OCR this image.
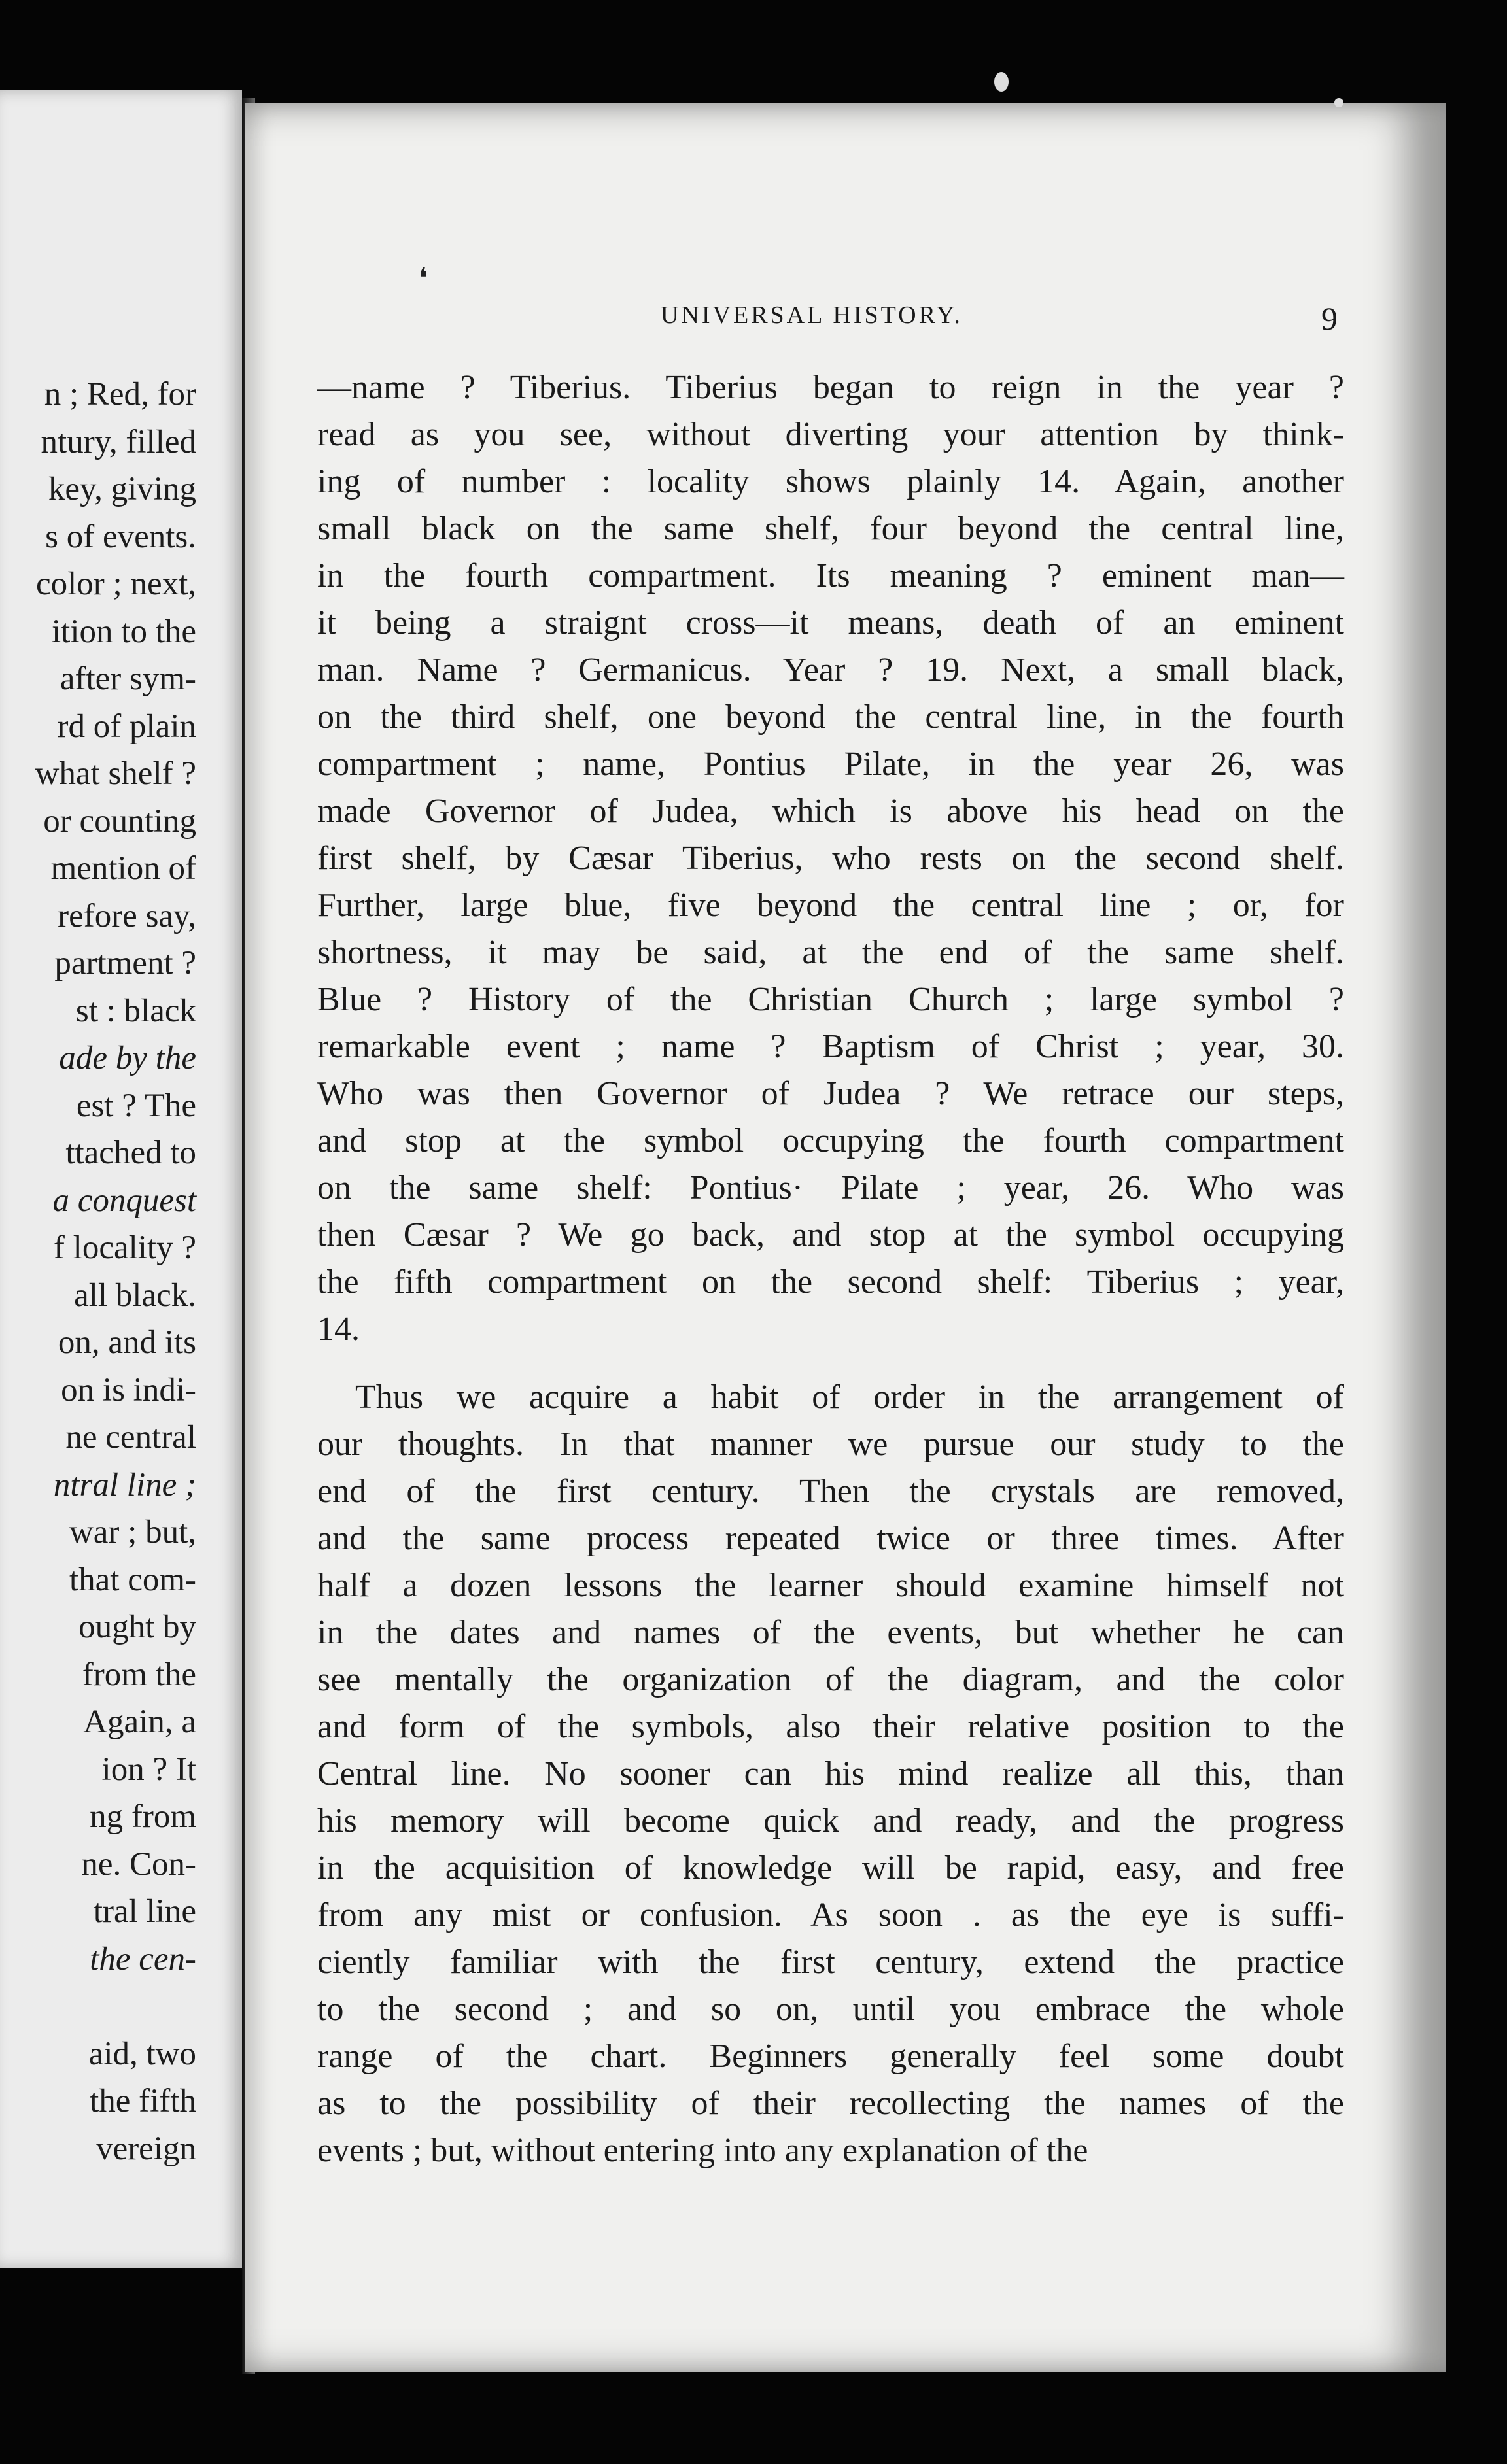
n ; Red, for
ntury, filled
key, giving
s of events.
color ; next,
ition to the
after sym-
rd of plain
what shelf ?
or counting
mention of
refore say,
partment ?
st : black
ade by the
est ? The
ttached to
a conquest
f locality ?
all black.
on, and its
on is indi-
ne central
ntral line ;
war ; but,
that com-
ought by
from the
Again, a
ion ? It
ng from
ne. Con-
tral line
the cen-
aid, two
the fifth
vereign
❛
UNIVERSAL HISTORY.	9
—name ? Tiberius. Tiberius began to reign in the year ?
read as you see, without diverting your attention by think-
ing of number : locality shows plainly 14. Again, another
small black on the same shelf, four beyond the central line,
in the fourth compartment. Its meaning ? eminent man—
it being a straignt cross—it means, death of an eminent
man. Name ? Germanicus. Year ? 19. Next, a small black,
on the third shelf, one beyond the central line, in the fourth
compartment ; name, Pontius Pilate, in the year 26, was
made Governor of Judea, which is above his head on the
first shelf, by Cæsar Tiberius, who rests on the second shelf.
Further, large blue, five beyond the central line ; or, for
shortness, it may be said, at the end of the same shelf.
Blue ? History of the Christian Church ; large symbol ?
remarkable event ; name ? Baptism of Christ ; year, 30.
Who was then Governor of Judea ? We retrace our steps,
and stop at the symbol occupying the fourth compartment
on the same shelf: Pontius· Pilate ; year, 26. Who was
then Cæsar ? We go back, and stop at the symbol occupying
the fifth compartment on the second shelf: Tiberius ; year,
14.
Thus we acquire a habit of order in the arrangement of
our thoughts. In that manner we pursue our study to the
end of the first century. Then the crystals are removed,
and the same process repeated twice or three times. After
half a dozen lessons the learner should examine himself not
in the dates and names of the events, but whether he can
see mentally the organization of the diagram, and the color
and form of the symbols, also their relative position to the
Central line. No sooner can his mind realize all this, than
his memory will become quick and ready, and the progress
in the acquisition of knowledge will be rapid, easy, and free
from any mist or confusion. As soon . as the eye is suffi-
ciently familiar with the first century, extend the practice
to the second ; and so on, until you embrace the whole
range of the chart. Beginners generally feel some doubt
as to the possibility of their recollecting the names of the
events ; but, without entering into any explanation of the
